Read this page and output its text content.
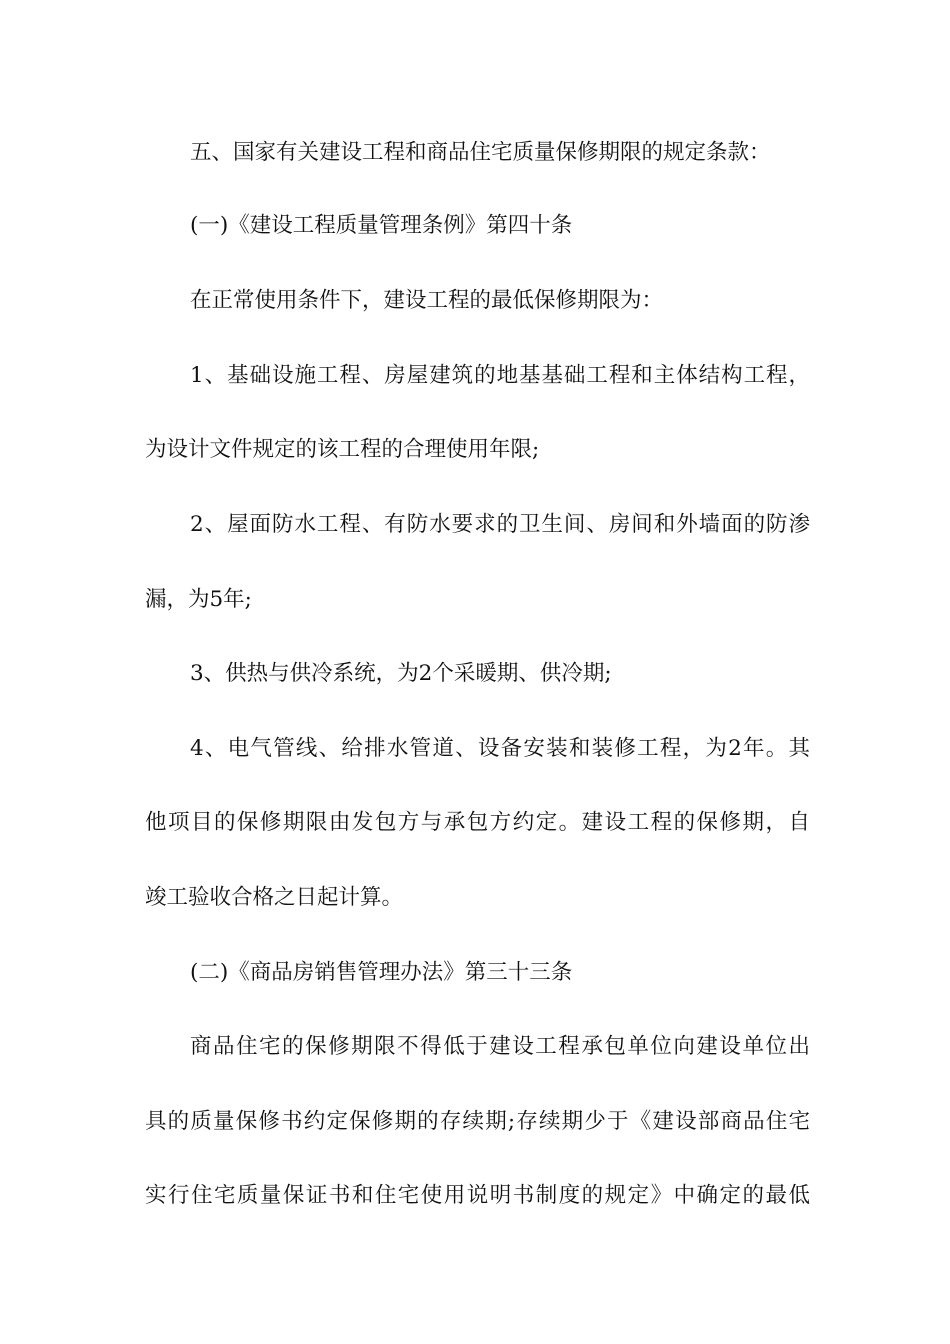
五、国家有关建设工程和商品住宅质量保修期限的规定条款：
(一)《建设工程质量管理条例》第四十条
在正常使用条件下，建设工程的最低保修期限为：
1、基础设施工程、房屋建筑的地基基础工程和主体结构工程，
为设计文件规定的该工程的合理使用年限;
2、屋面防水工程、有防水要求的卫生间、房间和外墙面的防渗
漏，为5年;
3、供热与供冷系统，为2个采暖期、供冷期;
4、电气管线、给排水管道、设备安装和装修工程，为2年。其
他项目的保修期限由发包方与承包方约定。建设工程的保修期，自
竣工验收合格之日起计算。
(二)《商品房销售管理办法》第三十三条
商品住宅的保修期限不得低于建设工程承包单位向建设单位出
具的质量保修书约定保修期的存续期;存续期少于《建设部商品住宅
实行住宅质量保证书和住宅使用说明书制度的规定》中确定的最低
